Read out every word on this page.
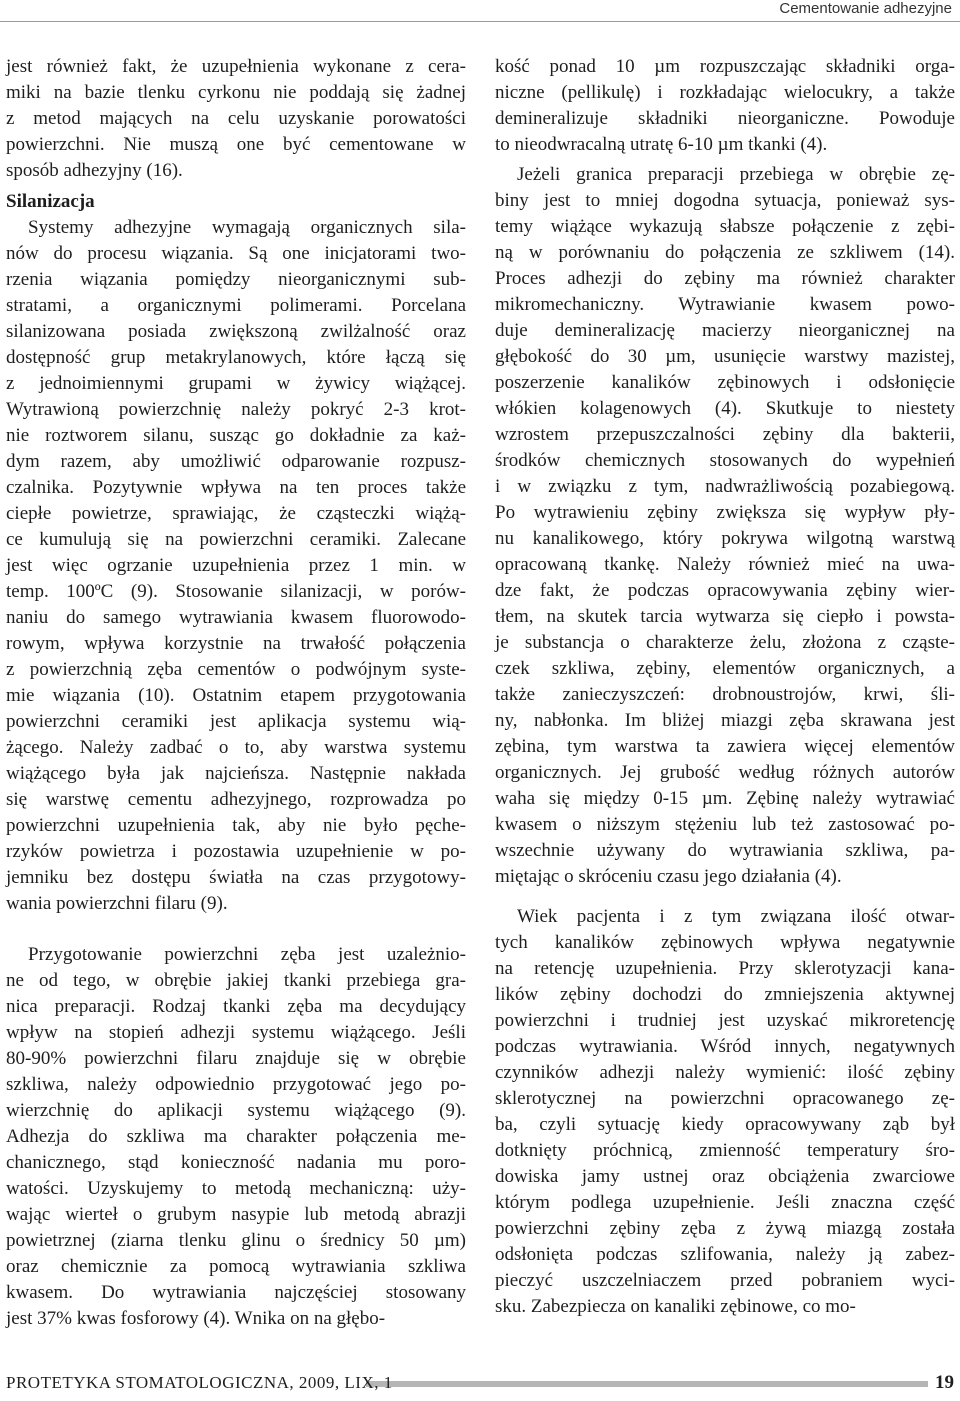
Cementowanie adhezyjne

jest również fakt, że uzupełnienia wykonane z cera-
miki na bazie tlenku cyrkonu nie poddają się żadnej
z metod mających na celu uzyskanie porowatości
powierzchni. Nie muszą one być cementowane w
sposób adhezyjny (16).

Systemy adhezyjne wymagają organicznych sila-
nów do procesu wiązania. Są one inicjatorami two-
rzenia wiązania pomiędzy nieorganicznymi sub-
stratami, a organicznymi polimerami. Porcelana
silanizowana posiada zwiększoną zwilżalność oraz
dostępność grup metakrylanowych, które łączą się
z jednoimiennymi grupami w żywicy wiążącej.
Wytrawioną powierzchnię należy pokryć 2-3 krot-
nie roztworem silanu, susząc go dokładnie za każ-
dym razem, aby umożliwić odparowanie rozpusz-
czalnika. Pozytywnie wpływa na ten proces także
ciepłe powietrze, sprawiając, że cząsteczki wiążą-
ce kumulują się na powierzchni ceramiki. Zalecane
jest więc ogrzanie uzupełnienia przez 1 min. w
temp. 100ºC (9). Stosowanie silanizacji, w porów-
naniu do samego wytrawiania kwasem fluorowodo-
rowym, wpływa korzystnie na trwałość połączenia
z powierzchnią zęba cementów o podwójnym syste-
mie wiązania (10). Ostatnim etapem przygotowania
powierzchni ceramiki jest aplikacja systemu wią-
żącego. Należy zadbać o to, aby warstwa systemu
wiążącego była jak najcieńsza. Następnie nakłada
się warstwę cementu adhezyjnego, rozprowadza po
powierzchni uzupełnienia tak, aby nie było pęche-
rzyków powietrza i pozostawia uzupełnienie w po-
jemniku bez dostępu światła na czas przygotowy-
wania powierzchni filaru (9).

Przygotowanie powierzchni zęba jest uzależnio-
ne od tego, w obrębie jakiej tkanki przebiega gra-
nica preparacji. Rodzaj tkanki zęba ma decydujący
wpływ na stopień adhezji systemu wiążącego. Jeśli
80-90% powierzchni filaru znajduje się w obrębie
szkliwa, należy odpowiednio przygotować jego po-
wierzchnię do aplikacji systemu wiążącego (9).
Adhezja do szkliwa ma charakter połączenia me-
chanicznego, stąd konieczność nadania mu poro-
watości. Uzyskujemy to metodą mechaniczną: uży-
wając wierteł o grubym nasypie lub metodą abrazji
powietrznej (ziarna tlenku glinu o średnicy 50 µm)
oraz chemicznie za pomocą wytrawiania szkliwa
kwasem. Do wytrawiania najczęściej stosowany
jest 37% kwas fosforowy (4). Wnika on na głębo-

Silanizacja

kość ponad 10 µm rozpuszczając składniki orga-
niczne (pellikulę) i rozkładając wielocukry, a także
demineralizuje składniki nieorganiczne. Powoduje
to nieodwracalną utratę 6-10 µm tkanki (4).

Jeżeli granica preparacji przebiega w obrębie zę-
biny jest to mniej dogodna sytuacja, ponieważ sys-
temy wiążące wykazują słabsze połączenie z zębi-
ną w porównaniu do połączenia ze szkliwem (14).
Proces adhezji do zębiny ma również charakter
mikromechaniczny. Wytrawianie kwasem powo-
duje demineralizację macierzy nieorganicznej na
głębokość do 30 µm, usunięcie warstwy mazistej,
poszerzenie kanalików zębinowych i odsłonięcie
włókien kolagenowych (4). Skutkuje to niestety
wzrostem przepuszczalności zębiny dla bakterii,
środków chemicznych stosowanych do wypełnień
i w związku z tym, nadwrażliwością pozabiegową.
Po wytrawieniu zębiny zwiększa się wypływ pły-
nu kanalikowego, który pokrywa wilgotną warstwą
opracowaną tkankę. Należy również mieć na uwa-
dze fakt, że podczas opracowywania zębiny wier-
tłem, na skutek tarcia wytwarza się ciepło i powsta-
je substancja o charakterze żelu, złożona z cząste-
czek szkliwa, zębiny, elementów organicznych, a
także zanieczyszczeń: drobnoustrojów, krwi, śli-
ny, nabłonka. Im bliżej miazgi zęba skrawana jest
zębina, tym warstwa ta zawiera więcej elementów
organicznych. Jej grubość według różnych autorów
waha się między 0-15 µm. Zębinę należy wytrawiać
kwasem o niższym stężeniu lub też zastosować po-
wszechnie używany do wytrawiania szkliwa, pa-
miętając o skróceniu czasu jego działania (4).

Wiek pacjenta i z tym związana ilość otwar-
tych kanalików zębinowych wpływa negatywnie
na retencję uzupełnienia. Przy sklerotyzacji kana-
lików zębiny dochodzi do zmniejszenia aktywnej
powierzchni i trudniej jest uzyskać mikroretencję
podczas wytrawiania. Wśród innych, negatywnych
czynników adhezji należy wymienić: ilość zębiny
sklerotycznej na powierzchni opracowanego zę-
ba, czyli sytuację kiedy opracowywany ząb był
dotknięty próchnicą, zmienność temperatury śro-
dowiska jamy ustnej oraz obciążenia zwarciowe
którym podlega uzupełnienie. Jeśli znaczna część
powierzchni zębiny zęba z żywą miazgą została
odsłonięta podczas szlifowania, należy ją zabez-
pieczyć uszczelniaczem przed pobraniem wyci-
sku. Zabezpiecza on kanaliki zębinowe, co mo-

PROTETYKA STOMATOLOGICZNA, 2009, LIX, 1	19
